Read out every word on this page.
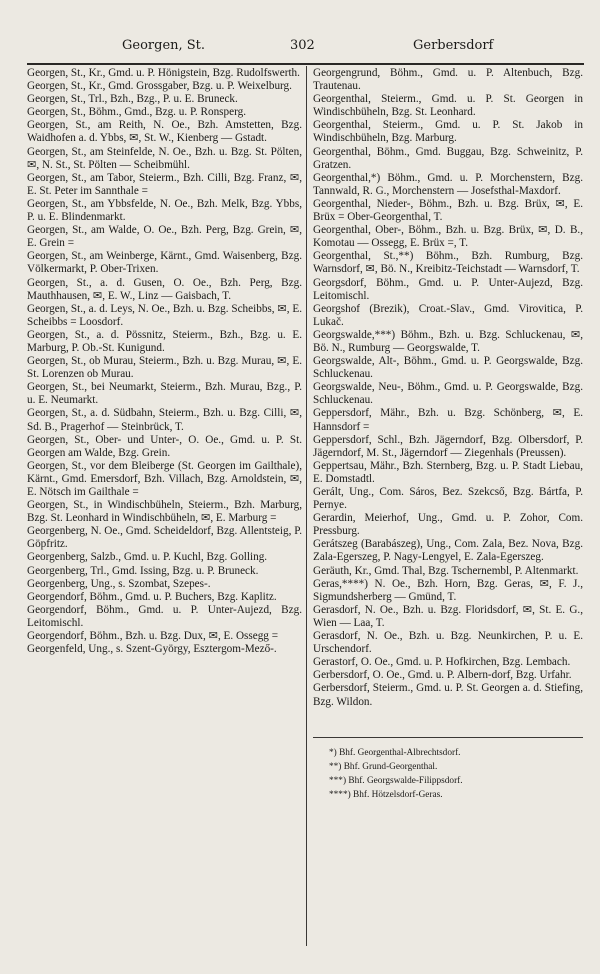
Georgen, St.	302	Gerbersdorf

Georgen, St., Kr., Gmd. u. P. Hönigstein, Bzg. Rudolfswerth.

Georgen, St., Kr., Gmd. Grossgaber, Bzg. u. P. Weixelburg.

Georgen, St., Trl., Bzh., Bzg., P. u. E. Bruneck.

Georgen, St., Böhm., Gmd., Bzg. u. P. Ronsperg.

Georgen, St., am Reith, N. Oe., Bzh. Amstetten, Bzg. Waidhofen a. d. Ybbs, ✉, St. W., Kienberg — Gstadt.

Georgen, St., am Steinfelde, N. Oe., Bzh. u. Bzg. St. Pölten, ✉, N. St., St. Pölten — Scheibmühl.

Georgen, St., am Tabor, Steierm., Bzh. Cilli, Bzg. Franz, ✉, E. St. Peter im Sannthale =

Georgen, St., am Ybbsfelde, N. Oe., Bzh. Melk, Bzg. Ybbs, P. u. E. Blindenmarkt.

Georgen, St., am Walde, O. Oe., Bzh. Perg, Bzg. Grein, ✉, E. Grein =

Georgen, St., am Weinberge, Kärnt., Gmd. Waisenberg, Bzg. Völkermarkt, P. Ober-Trixen.

Georgen, St., a. d. Gusen, O. Oe., Bzh. Perg, Bzg. Mauthhausen, ✉, E. W., Linz — Gaisbach, T.

Georgen, St., a. d. Leys, N. Oe., Bzh. u. Bzg. Scheibbs, ✉, E. Scheibbs = Loosdorf.

Georgen, St., a. d. Pössnitz, Steierm., Bzh., Bzg. u. E. Marburg, P. Ob.-St. Kunigund.

Georgen, St., ob Murau, Steierm., Bzh. u. Bzg. Murau, ✉, E. St. Lorenzen ob Murau.

Georgen, St., bei Neumarkt, Steierm., Bzh. Murau, Bzg., P. u. E. Neumarkt.

Georgen, St., a. d. Südbahn, Steierm., Bzh. u. Bzg. Cilli, ✉, Sd. B., Pragerhof — Steinbrück, T.

Georgen, St., Ober- und Unter-, O. Oe., Gmd. u. P. St. Georgen am Walde, Bzg. Grein.

Georgen, St., vor dem Bleiberge (St. Georgen im Gailthale), Kärnt., Gmd. Emersdorf, Bzh. Villach, Bzg. Arnoldstein, ✉, E. Nötsch im Gailthale =

Georgen, St., in Windischbüheln, Steierm., Bzh. Marburg, Bzg. St. Leonhard in Windischbüheln, ✉, E. Marburg =

Georgenberg, N. Oe., Gmd. Scheideldorf, Bzg. Allentsteig, P. Göpfritz.

Georgenberg, Salzb., Gmd. u. P. Kuchl, Bzg. Golling.

Georgenberg, Trl., Gmd. Issing, Bzg. u. P. Bruneck.

Georgenberg, Ung., s. Szombat, Szepes-.

Georgendorf, Böhm., Gmd. u. P. Buchers, Bzg. Kaplitz.

Georgendorf, Böhm., Gmd. u. P. Unter-Aujezd, Bzg. Leitomischl.

Georgendorf, Böhm., Bzh. u. Bzg. Dux, ✉, E. Ossegg =

Georgenfeld, Ung., s. Szent-György, Esztergom-Mező-.

Georgengrund, Böhm., Gmd. u. P. Altenbuch, Bzg. Trautenau.

Georgenthal, Steierm., Gmd. u. P. St. Georgen in Windischbüheln, Bzg. St. Leonhard.

Georgenthal, Steierm., Gmd. u. P. St. Jakob in Windischbüheln, Bzg. Marburg.

Georgenthal, Böhm., Gmd. Buggau, Bzg. Schweinitz, P. Gratzen.

Georgenthal,*) Böhm., Gmd. u. P. Morchenstern, Bzg. Tannwald, R. G., Morchenstern — Josefsthal-Maxdorf.

Georgenthal, Nieder-, Böhm., Bzh. u. Bzg. Brüx, ✉, E. Brüx = Ober-Georgenthal, T.

Georgenthal, Ober-, Böhm., Bzh. u. Bzg. Brüx, ✉, D. B., Komotau — Ossegg, E. Brüx =, T.

Georgenthal, St.,**) Böhm., Bzh. Rumburg, Bzg. Warnsdorf, ✉, Bö. N., Kreibitz-Teichstadt — Warnsdorf, T.

Georgsdorf, Böhm., Gmd. u. P. Unter-Aujezd, Bzg. Leitomischl.

Georgshof (Brezik), Croat.-Slav., Gmd. Virovitica, P. Lukač.

Georgswalde,***) Böhm., Bzh. u. Bzg. Schluckenau, ✉, Bö. N., Rumburg — Georgswalde, T.

Georgswalde, Alt-, Böhm., Gmd. u. P. Georgswalde, Bzg. Schluckenau.

Georgswalde, Neu-, Böhm., Gmd. u. P. Georgswalde, Bzg. Schluckenau.

Geppersdorf, Mähr., Bzh. u. Bzg. Schönberg, ✉, E. Hannsdorf =

Geppersdorf, Schl., Bzh. Jägerndorf, Bzg. Olbersdorf, P. Jägerndorf, M. St., Jägerndorf — Ziegenhals (Preussen).

Geppertsau, Mähr., Bzh. Sternberg, Bzg. u. P. Stadt Liebau, E. Domstadtl.

Gerált, Ung., Com. Sáros, Bez. Szekcső, Bzg. Bártfa, P. Pernye.

Gerardin, Meierhof, Ung., Gmd. u. P. Zohor, Com. Pressburg.

Gerátszeg (Barabászeg), Ung., Com. Zala, Bez. Nova, Bzg. Zala-Egerszeg, P. Nagy-Lengyel, E. Zala-Egerszeg.

Geräuth, Kr., Gmd. Thal, Bzg. Tschernembl, P. Altenmarkt.

Geras,****) N. Oe., Bzh. Horn, Bzg. Geras, ✉, F. J., Sigmundsherberg — Gmünd, T.

Gerasdorf, N. Oe., Bzh. u. Bzg. Floridsdorf, ✉, St. E. G., Wien — Laa, T.

Gerasdorf, N. Oe., Bzh. u. Bzg. Neunkirchen, P. u. E. Urschendorf.

Gerastorf, O. Oe., Gmd. u. P. Hofkirchen, Bzg. Lembach.

Gerbersdorf, O. Oe., Gmd. u. P. Albern-dorf, Bzg. Urfahr.

Gerbersdorf, Steierm., Gmd. u. P. St. Georgen a. d. Stiefing, Bzg. Wildon.

*) Bhf. Georgenthal-Albrechtsdorf.
**) Bhf. Grund-Georgenthal.
***) Bhf. Georgswalde-Filippsdorf.
****) Bhf. Hötzelsdorf-Geras.
